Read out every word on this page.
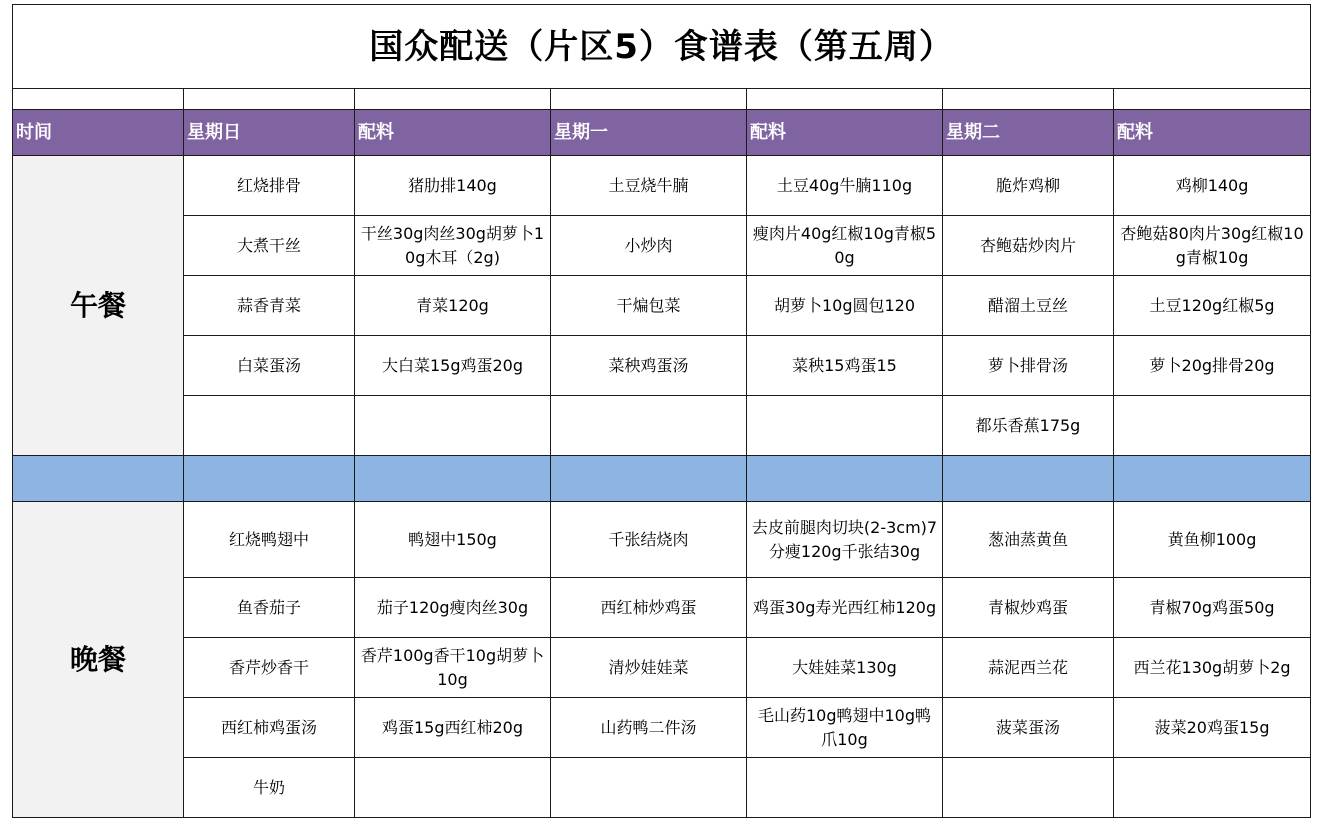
国众配送（片区5）食谱表（第五周）						

时间	星期日	配料	星期一	配料	星期二	配料
午餐	红烧排骨	猪肋排140g	土豆烧牛腩	土豆40g牛腩110g	脆炸鸡柳	鸡柳140g
	大煮干丝	干丝30g肉丝30g胡萝卜10g木耳（2g)	小炒肉	瘦肉片40g红椒10g青椒50g	杏鲍菇炒肉片	杏鲍菇80肉片30g红椒10g青椒10g
	蒜香青菜	青菜120g	干煸包菜	胡萝卜10g圆包120	醋溜土豆丝	土豆120g红椒5g
	白菜蛋汤	大白菜15g鸡蛋20g	菜秧鸡蛋汤	菜秧15鸡蛋15	萝卜排骨汤	萝卜20g排骨20g
					都乐香蕉175g	

晚餐	红烧鸭翅中	鸭翅中150g	千张结烧肉	去皮前腿肉切块(2-3cm)7分瘦120g千张结30g	葱油蒸黄鱼	黄鱼柳100g
	鱼香茄子	茄子120g瘦肉丝30g	西红柿炒鸡蛋	鸡蛋30g寿光西红柿120g	青椒炒鸡蛋	青椒70g鸡蛋50g
	香芹炒香干	香芹100g香干10g胡萝卜10g	清炒娃娃菜	大娃娃菜130g	蒜泥西兰花	西兰花130g胡萝卜2g
	西红柿鸡蛋汤	鸡蛋15g西红柿20g	山药鸭二件汤	毛山药10g鸭翅中10g鸭爪10g	菠菜蛋汤	菠菜20鸡蛋15g
	牛奶					
